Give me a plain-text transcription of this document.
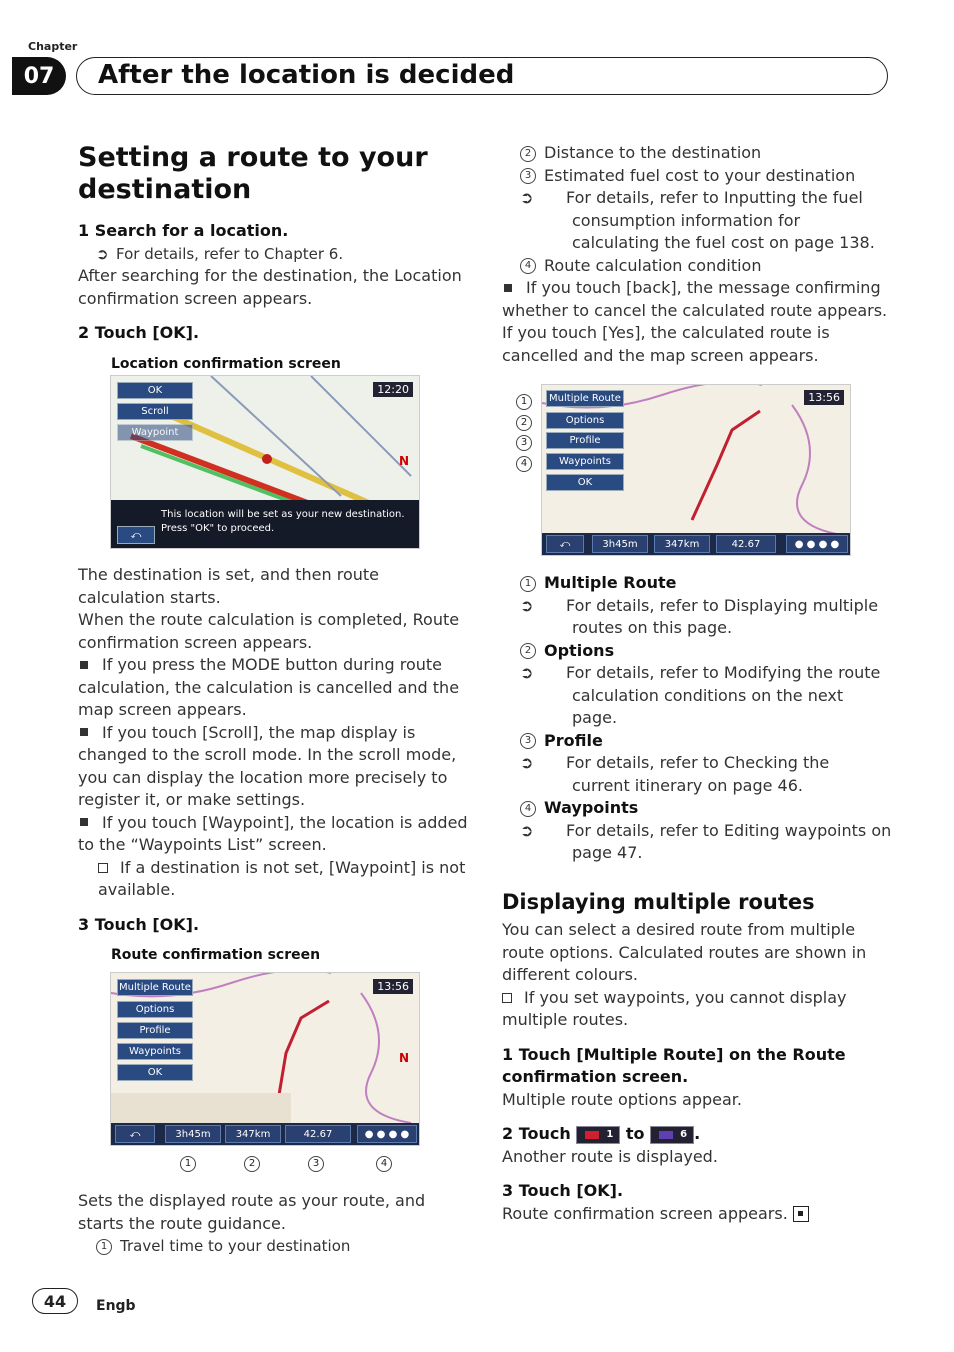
Chapter
07	After the location is decided
Setting a route to your destination
1 Search for a location.
➲ For details, refer to Chapter 6.
After searching for the destination, the Location confirmation screen appears.
2 Touch [OK].
Location confirmation screen
OK
Scroll
Waypoint
12:20
N
This location will be set as your new destination. Press "OK" to proceed.
⤺
The destination is set, and then route calculation starts.
When the route calculation is completed, Route confirmation screen appears.
If you press the MODE button during route calculation, the calculation is cancelled and the map screen appears.
If you touch [Scroll], the map display is changed to the scroll mode. In the scroll mode, you can display the location more precisely to register it, or make settings.
If you touch [Waypoint], the location is added to the “Waypoints List” screen.
If a destination is not set, [Waypoint] is not available.
3 Touch [OK].
Route confirmation screen
Multiple Route
Options
Profile
Waypoints
OK
13:56
N
⤺	3h45m	347km	42.67	● ● ● ●
1	2	3	4
Sets the displayed route as your route, and starts the route guidance.
1 Travel time to your destination
2 Distance to the destination
3 Estimated fuel cost to your destination
➲ For details, refer to Inputting the fuel consumption information for calculating the fuel cost on page 138.
4 Route calculation condition
If you touch [back], the message confirming whether to cancel the calculated route appears. If you touch [Yes], the calculated route is cancelled and the map screen appears.
Multiple Route
Options
Profile
Waypoints
OK
13:56
⤺	3h45m	347km	42.67	● ● ● ●
1
2
3
4
1 Multiple Route
➲ For details, refer to Displaying multiple routes on this page.
2 Options
➲ For details, refer to Modifying the route calculation conditions on the next page.
3 Profile
➲ For details, refer to Checking the current itinerary on page 46.
4 Waypoints
➲ For details, refer to Editing waypoints on page 47.
Displaying multiple routes
You can select a desired route from multiple route options. Calculated routes are shown in different colours.
If you set waypoints, you cannot display multiple routes.
1 Touch [Multiple Route] on the Route confirmation screen.
Multiple route options appear.
2 Touch	1 to	6 .
Another route is displayed.
3 Touch [OK].
Route confirmation screen appears.
44	Engb
